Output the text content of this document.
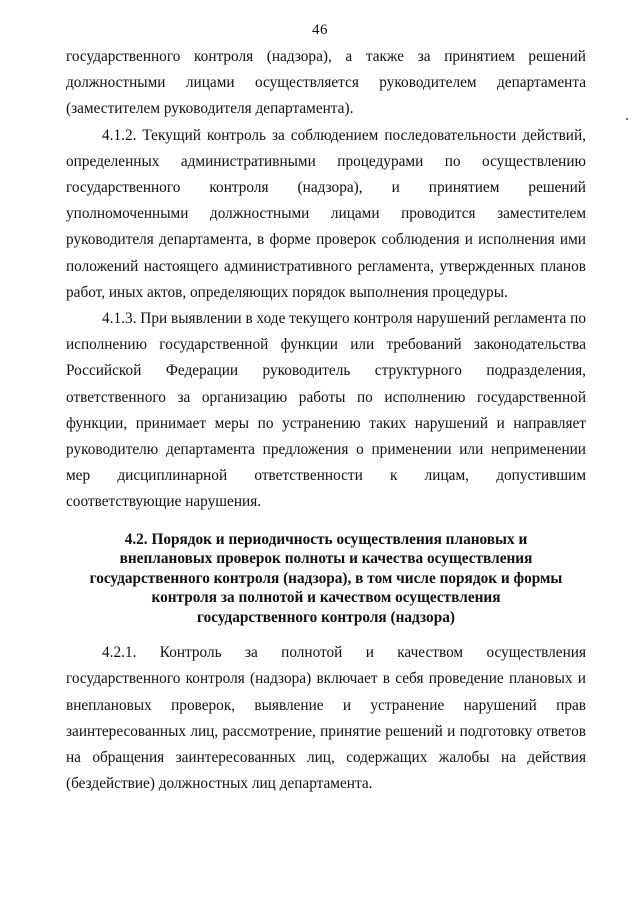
46

государственного контроля (надзора), а также за принятием решений должностными лицами осуществляется руководителем департамента (заместителем руководителя департамента).

4.1.2. Текущий контроль за соблюдением последовательности действий, определенных административными процедурами по осуществлению государственного контроля (надзора), и принятием решений уполномоченными должностными лицами проводится заместителем руководителя департамента, в форме проверок соблюдения и исполнения ими положений настоящего административного регламента, утвержденных планов работ, иных актов, определяющих порядок выполнения процедуры.

4.1.3. При выявлении в ходе текущего контроля нарушений регламента по исполнению государственной функции или требований законодательства Российской Федерации руководитель структурного подразделения, ответственного за организацию работы по исполнению государственной функции, принимает меры по устранению таких нарушений и направляет руководителю департамента предложения о применении или неприменении мер дисциплинарной ответственности к лицам, допустившим соответствующие нарушения.

4.2. Порядок и периодичность осуществления плановых и
внеплановых проверок полноты и качества осуществления
государственного контроля (надзора), в том числе порядок и формы
контроля за полнотой и качеством осуществления
государственного контроля (надзора)

4.2.1. Контроль за полнотой и качеством осуществления государственного контроля (надзора) включает в себя проведение плановых и внеплановых проверок, выявление и устранение нарушений прав заинтересованных лиц, рассмотрение, принятие решений и подготовку ответов на обращения заинтересованных лиц, содержащих жалобы на действия (бездействие) должностных лиц департамента.
